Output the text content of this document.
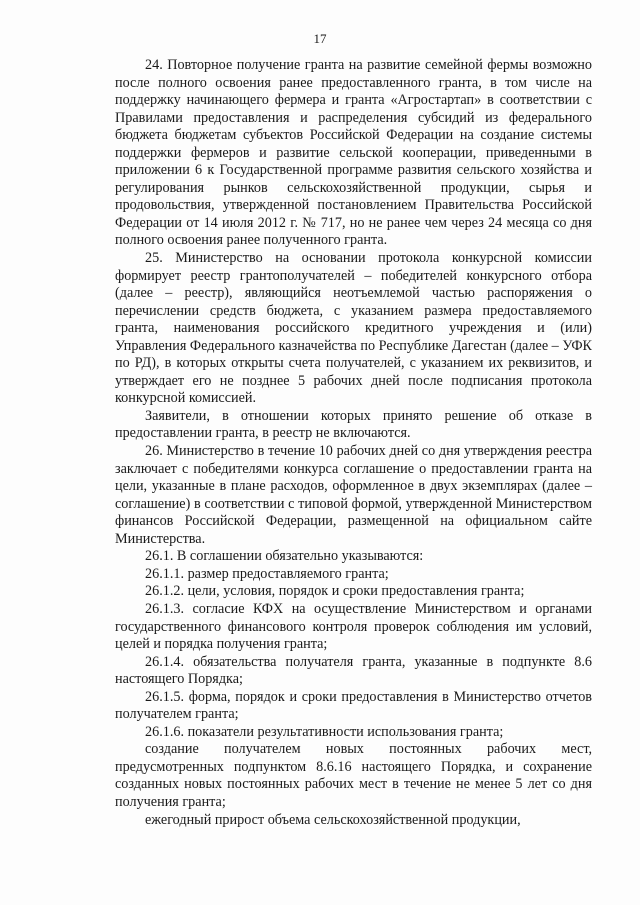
17

24. Повторное получение гранта на развитие семейной фермы возможно после полного освоения ранее предоставленного гранта, в том числе на поддержку начинающего фермера и гранта «Агростартап» в соответствии с Правилами предоставления и распределения субсидий из федерального бюджета бюджетам субъектов Российской Федерации на создание системы поддержки фермеров и развитие сельской кооперации, приведенными в приложении 6 к Государственной программе развития сельского хозяйства и регулирования рынков сельскохозяйственной продукции, сырья и продовольствия, утвержденной постановлением Правительства Российской Федерации от 14 июля 2012 г. № 717, но не ранее чем через 24 месяца со дня полного освоения ранее полученного гранта.

25. Министерство на основании протокола конкурсной комиссии формирует реестр грантополучателей – победителей конкурсного отбора (далее – реестр), являющийся неотъемлемой частью распоряжения о перечислении средств бюджета, с указанием размера предоставляемого гранта, наименования российского кредитного учреждения и (или) Управления Федерального казначейства по Республике Дагестан (далее – УФК по РД), в которых открыты счета получателей, с указанием их реквизитов, и утверждает его не позднее 5 рабочих дней после подписания протокола конкурсной комиссией.

Заявители, в отношении которых принято решение об отказе в предоставлении гранта, в реестр не включаются.

26. Министерство в течение 10 рабочих дней со дня утверждения реестра заключает с победителями конкурса соглашение о предоставлении гранта на цели, указанные в плане расходов, оформленное в двух экземплярах (далее – соглашение) в соответствии с типовой формой, утвержденной Министерством финансов Российской Федерации, размещенной на официальном сайте Министерства.

26.1. В соглашении обязательно указываются:

26.1.1. размер предоставляемого гранта;

26.1.2. цели, условия, порядок и сроки предоставления гранта;

26.1.3. согласие КФХ на осуществление Министерством и органами государственного финансового контроля проверок соблюдения им условий, целей и порядка получения гранта;

26.1.4. обязательства получателя гранта, указанные в подпункте 8.6 настоящего Порядка;

26.1.5. форма, порядок и сроки предоставления в Министерство отчетов получателем гранта;

26.1.6. показатели результативности использования гранта;

создание получателем новых постоянных рабочих мест, предусмотренных подпунктом 8.6.16 настоящего Порядка, и сохранение созданных новых постоянных рабочих мест в течение не менее 5 лет со дня получения гранта;

ежегодный прирост объема сельскохозяйственной продукции,
